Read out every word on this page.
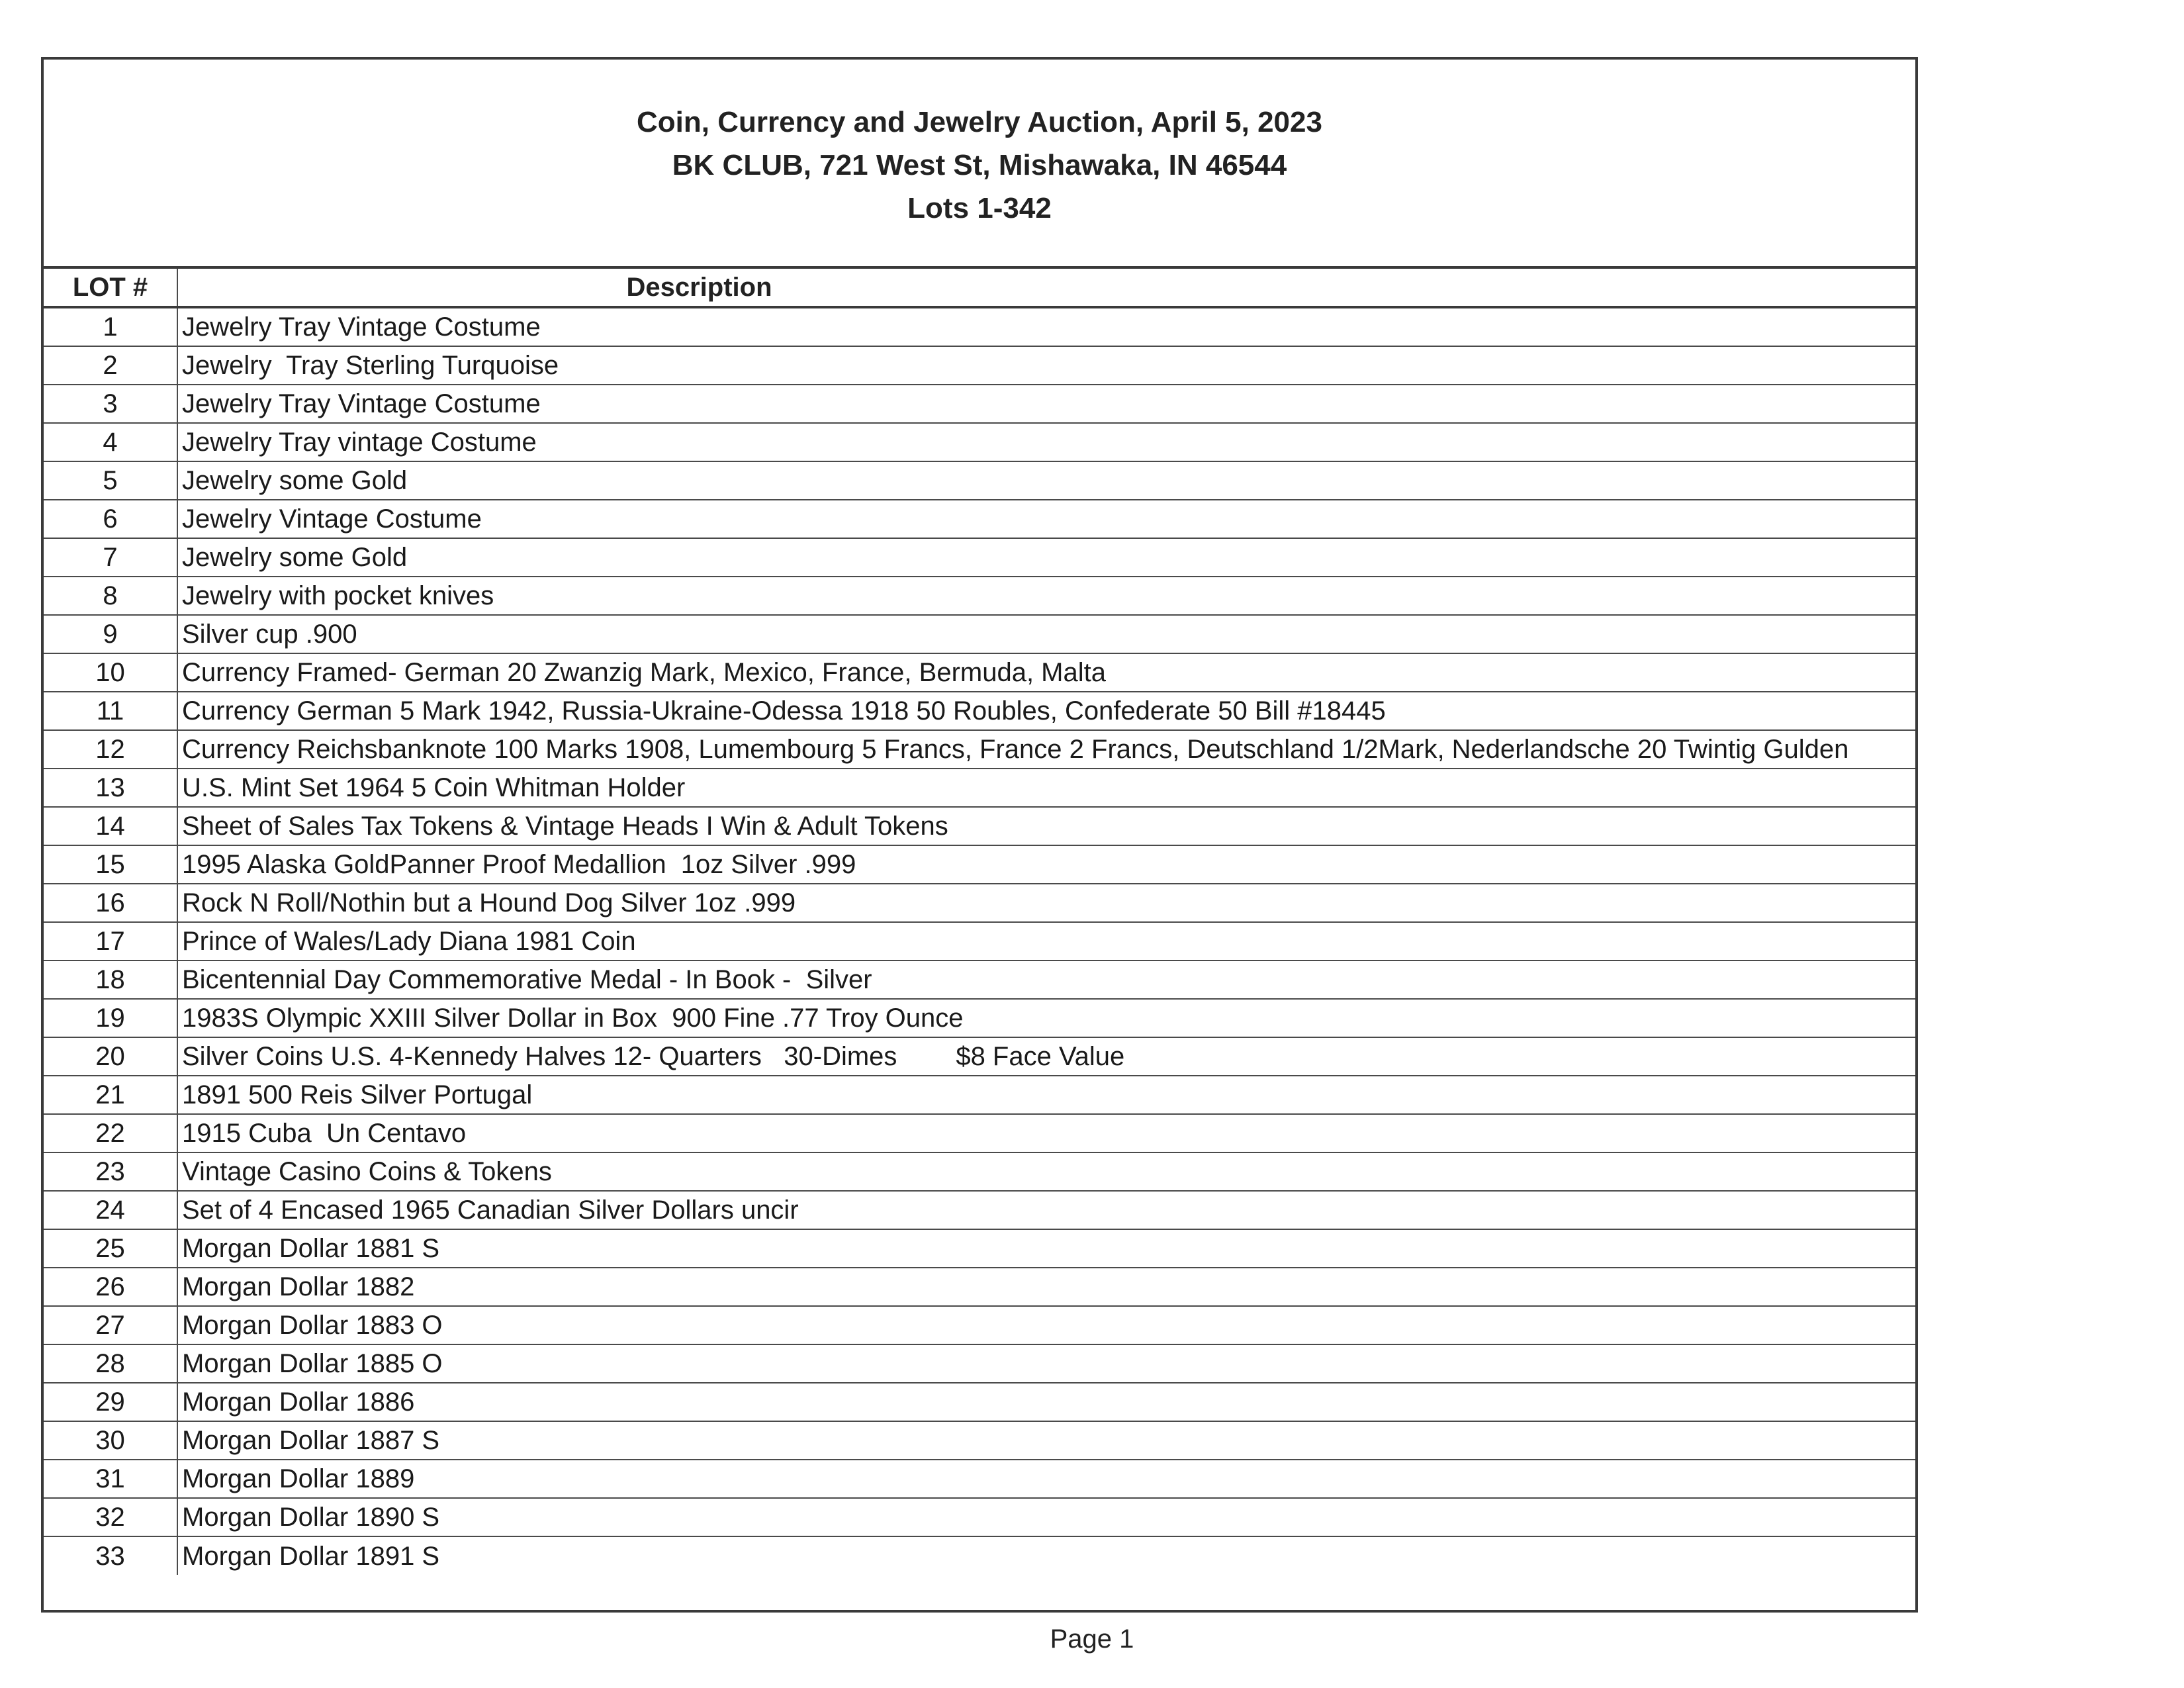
Coin, Currency and Jewelry Auction, April 5, 2023
BK CLUB, 721 West St, Mishawaka, IN 46544
Lots 1-342
LOT #	Description
1	Jewelry Tray Vintage Costume
2	Jewelry  Tray Sterling Turquoise
3	Jewelry Tray Vintage Costume
4	Jewelry Tray vintage Costume
5	Jewelry some Gold
6	Jewelry Vintage Costume
7	Jewelry some Gold
8	Jewelry with pocket knives
9	Silver cup .900
10	Currency Framed- German 20 Zwanzig Mark, Mexico, France, Bermuda, Malta
11	Currency German 5 Mark 1942, Russia-Ukraine-Odessa 1918 50 Roubles, Confederate 50 Bill #18445
12	Currency Reichsbanknote 100 Marks 1908, Lumembourg 5 Francs, France 2 Francs, Deutschland 1/2Mark, Nederlandsche 20 Twintig Gulden
13	U.S. Mint Set 1964 5 Coin Whitman Holder
14	Sheet of Sales Tax Tokens & Vintage Heads I Win & Adult Tokens
15	1995 Alaska GoldPanner Proof Medallion  1oz Silver .999
16	Rock N Roll/Nothin but a Hound Dog Silver 1oz .999
17	Prince of Wales/Lady Diana 1981 Coin
18	Bicentennial Day Commemorative Medal - In Book -  Silver
19	1983S Olympic XXIII Silver Dollar in Box  900 Fine .77 Troy Ounce
20	Silver Coins U.S. 4-Kennedy Halves 12- Quarters   30-Dimes        $8 Face Value
21	1891 500 Reis Silver Portugal
22	1915 Cuba  Un Centavo
23	Vintage Casino Coins & Tokens
24	Set of 4 Encased 1965 Canadian Silver Dollars uncir
25	Morgan Dollar 1881 S
26	Morgan Dollar 1882
27	Morgan Dollar 1883 O
28	Morgan Dollar 1885 O
29	Morgan Dollar 1886
30	Morgan Dollar 1887 S
31	Morgan Dollar 1889
32	Morgan Dollar 1890 S
33	Morgan Dollar 1891 S
Page 1
